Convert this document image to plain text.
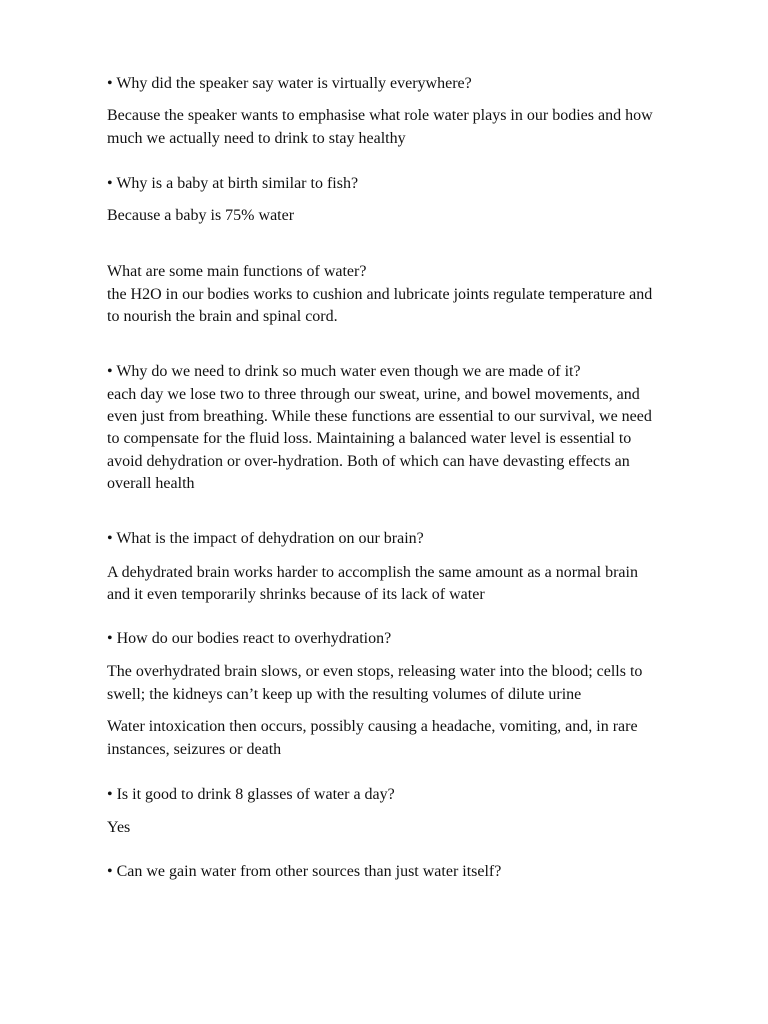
• Why did the speaker say water is virtually everywhere?
Because the speaker wants to emphasise what role water plays in our bodies and how
much we actually need to drink to stay healthy
• Why is a baby at birth similar to fish?
Because a baby is 75% water
What are some main functions of water?
the H2O in our bodies works to cushion and lubricate joints regulate temperature and
to nourish the brain and spinal cord.
• Why do we need to drink so much water even though we are made of it?
each day we lose two to three through our sweat, urine, and bowel movements, and
even just from breathing. While these functions are essential to our survival, we need
to compensate for the fluid loss. Maintaining a balanced water level is essential to
avoid dehydration or over-hydration. Both of which can have devasting effects an
overall health
• What is the impact of dehydration on our brain?
A dehydrated brain works harder to accomplish the same amount as a normal brain
and it even temporarily shrinks because of its lack of water
• How do our bodies react to overhydration?
The overhydrated brain slows, or even stops, releasing water into the blood; cells to
swell; the kidneys can’t keep up with the resulting volumes of dilute urine
Water intoxication then occurs, possibly causing a headache, vomiting, and, in rare
instances, seizures or death
• Is it good to drink 8 glasses of water a day?
Yes
• Can we gain water from other sources than just water itself?
